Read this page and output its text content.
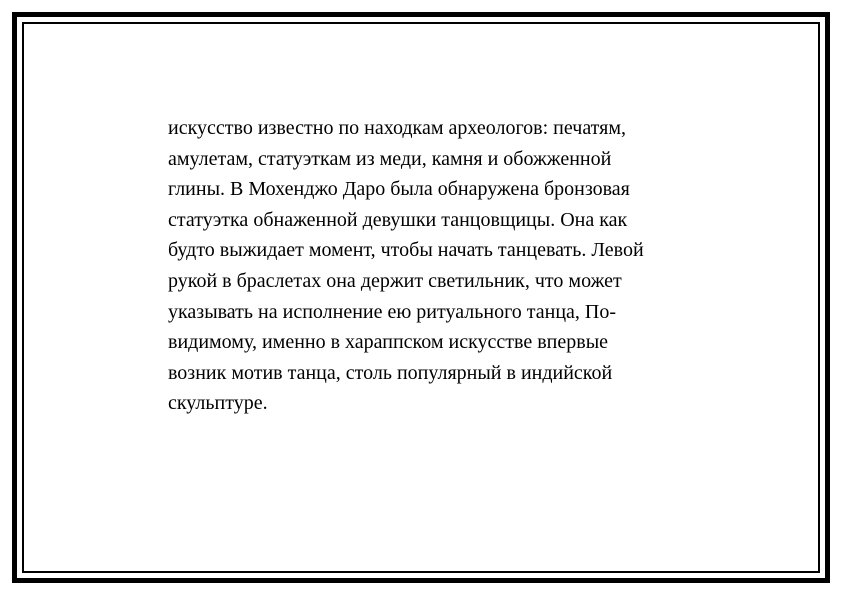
искусство известно по находкам археологов: печатям,
амулетам, статуэткам из меди, камня и обожженной
глины. В Мохенджо Даро была обнаружена бронзовая
статуэтка обнаженной девушки танцовщицы. Она как
будто выжидает момент, чтобы начать танцевать. Левой
рукой в браслетах она держит светильник, что может
указывать на исполнение ею ритуального танца, По-
видимому, именно в хараппском искусстве впервые
возник мотив танца, столь популярный в индийской
скульптуре.
